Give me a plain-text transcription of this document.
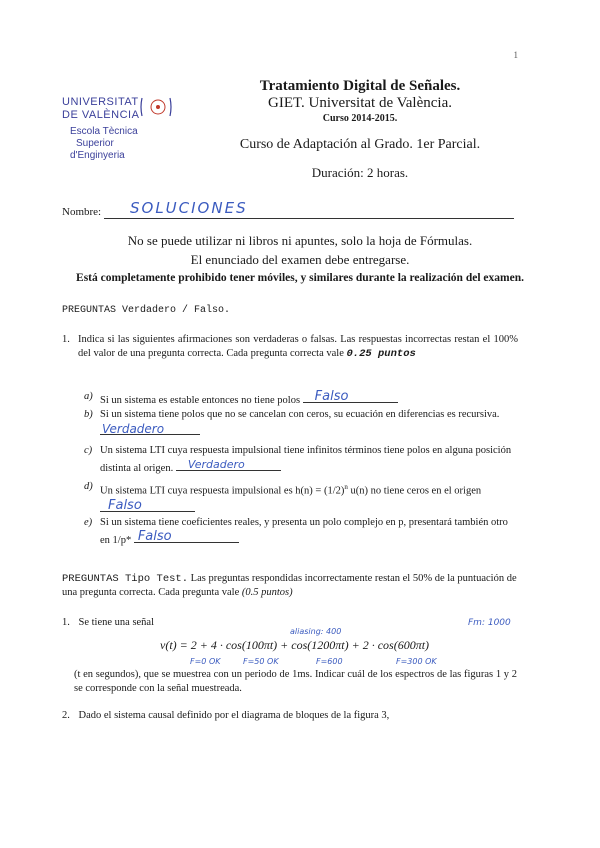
1
UNIVERSITAT
DE VALÈNCIA
Escola Tècnica
Superior
d'Enginyeria
Tratamiento Digital de Señales.
GIET. Universitat de València.
Curso 2014-2015.
Curso de Adaptación al Grado. 1er Parcial.
Duración: 2 horas.
Nombre: SOLUCIONES
No se puede utilizar ni libros ni apuntes, solo la hoja de Fórmulas.
El enunciado del examen debe entregarse.
Está completamente prohibido tener móviles, y similares durante la realización del examen.
PREGUNTAS Verdadero / Falso.
1. Indica si las siguientes afirmaciones son verdaderas o falsas. Las respuestas incorrectas restan el 100% del valor de una pregunta correcta. Cada pregunta correcta vale 0.25 puntos
a) Si un sistema es estable entonces no tiene polos Falso
b) Si un sistema tiene polos que no se cancelan con ceros, su ecuación en diferencias es recursiva.
Verdadero
c) Un sistema LTI cuya respuesta impulsional tiene infinitos términos tiene polos en alguna posición distinta al origen. Verdadero
d) Un sistema LTI cuya respuesta impulsional es $h(n) = (1/2)^n$ u(n) no tiene ceros en el origen
Falso
e) Si un sistema tiene coeficientes reales, y presenta un polo complejo en p, presentará también otro en 1/p* Falso
PREGUNTAS Tipo Test. Las preguntas respondidas incorrectamente restan el 50% de la puntuación de una pregunta correcta. Cada pregunta vale (0.5 puntos)
1. Se tiene una señal	Fm: 1000
aliasing: 400
v(t) = 2 + 4 · cos(100πt) + cos(1200πt) + 2 · cos(600πt)
F=0 OK	F=50 OK	F=600	F=300 OK
(t en segundos), que se muestrea con un periodo de 1ms. Indicar cuál de los espectros de las figuras 1 y 2 se corresponde con la señal muestreada.
2. Dado el sistema causal definido por el diagrama de bloques de la figura 3,
